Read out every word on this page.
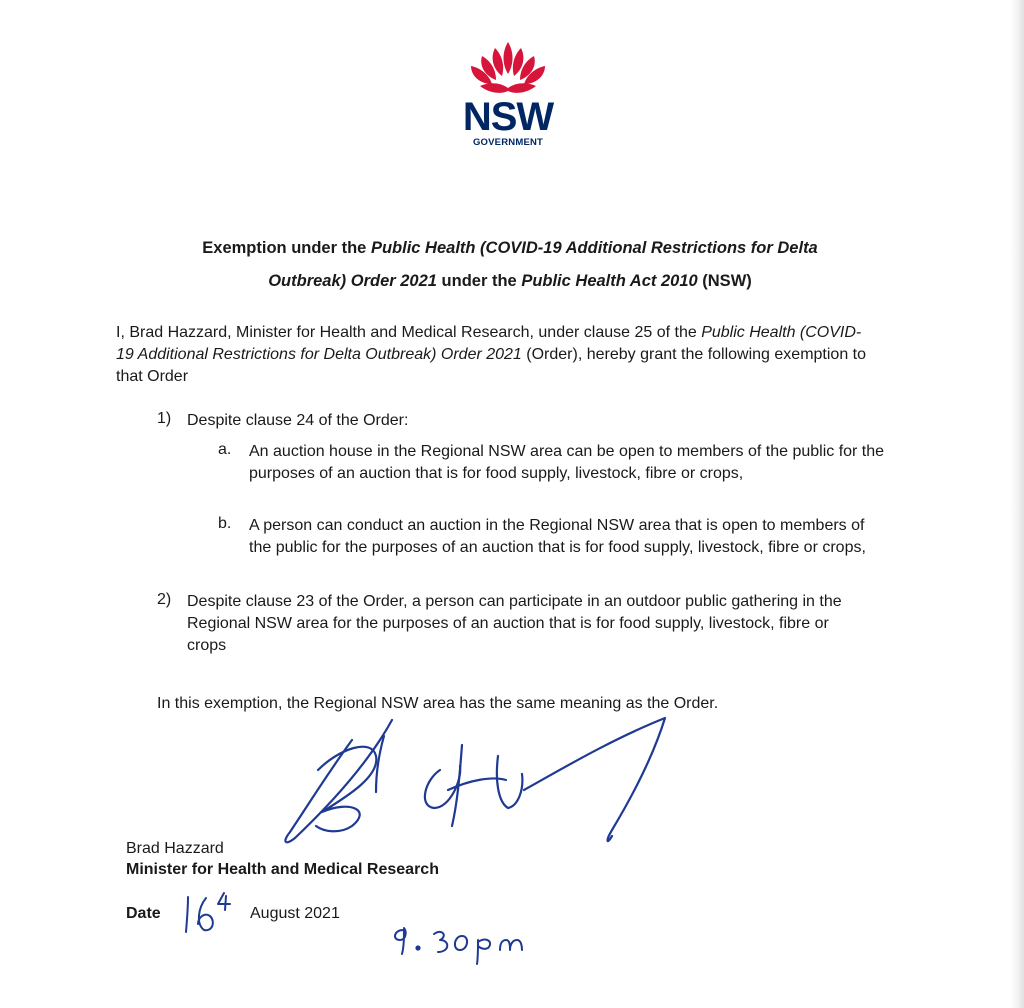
NSW
GOVERNMENT
Exemption under the Public Health (COVID-19 Additional Restrictions for Delta
Outbreak) Order 2021 under the Public Health Act 2010 (NSW)
I, Brad Hazzard, Minister for Health and Medical Research, under clause 25 of the Public Health (COVID-19 Additional Restrictions for Delta Outbreak) Order 2021 (Order), hereby grant the following exemption to that Order
1) Despite clause 24 of the Order:
a. An auction house in the Regional NSW area can be open to members of the public for the purposes of an auction that is for food supply, livestock, fibre or crops,
b. A person can conduct an auction in the Regional NSW area that is open to members of the public for the purposes of an auction that is for food supply, livestock, fibre or crops,
2) Despite clause 23 of the Order, a person can participate in an outdoor public gathering in the Regional NSW area for the purposes of an auction that is for food supply, livestock, fibre or crops
In this exemption, the Regional NSW area has the same meaning as the Order.
Brad Hazzard
Minister for Health and Medical Research
Date	August 2021
